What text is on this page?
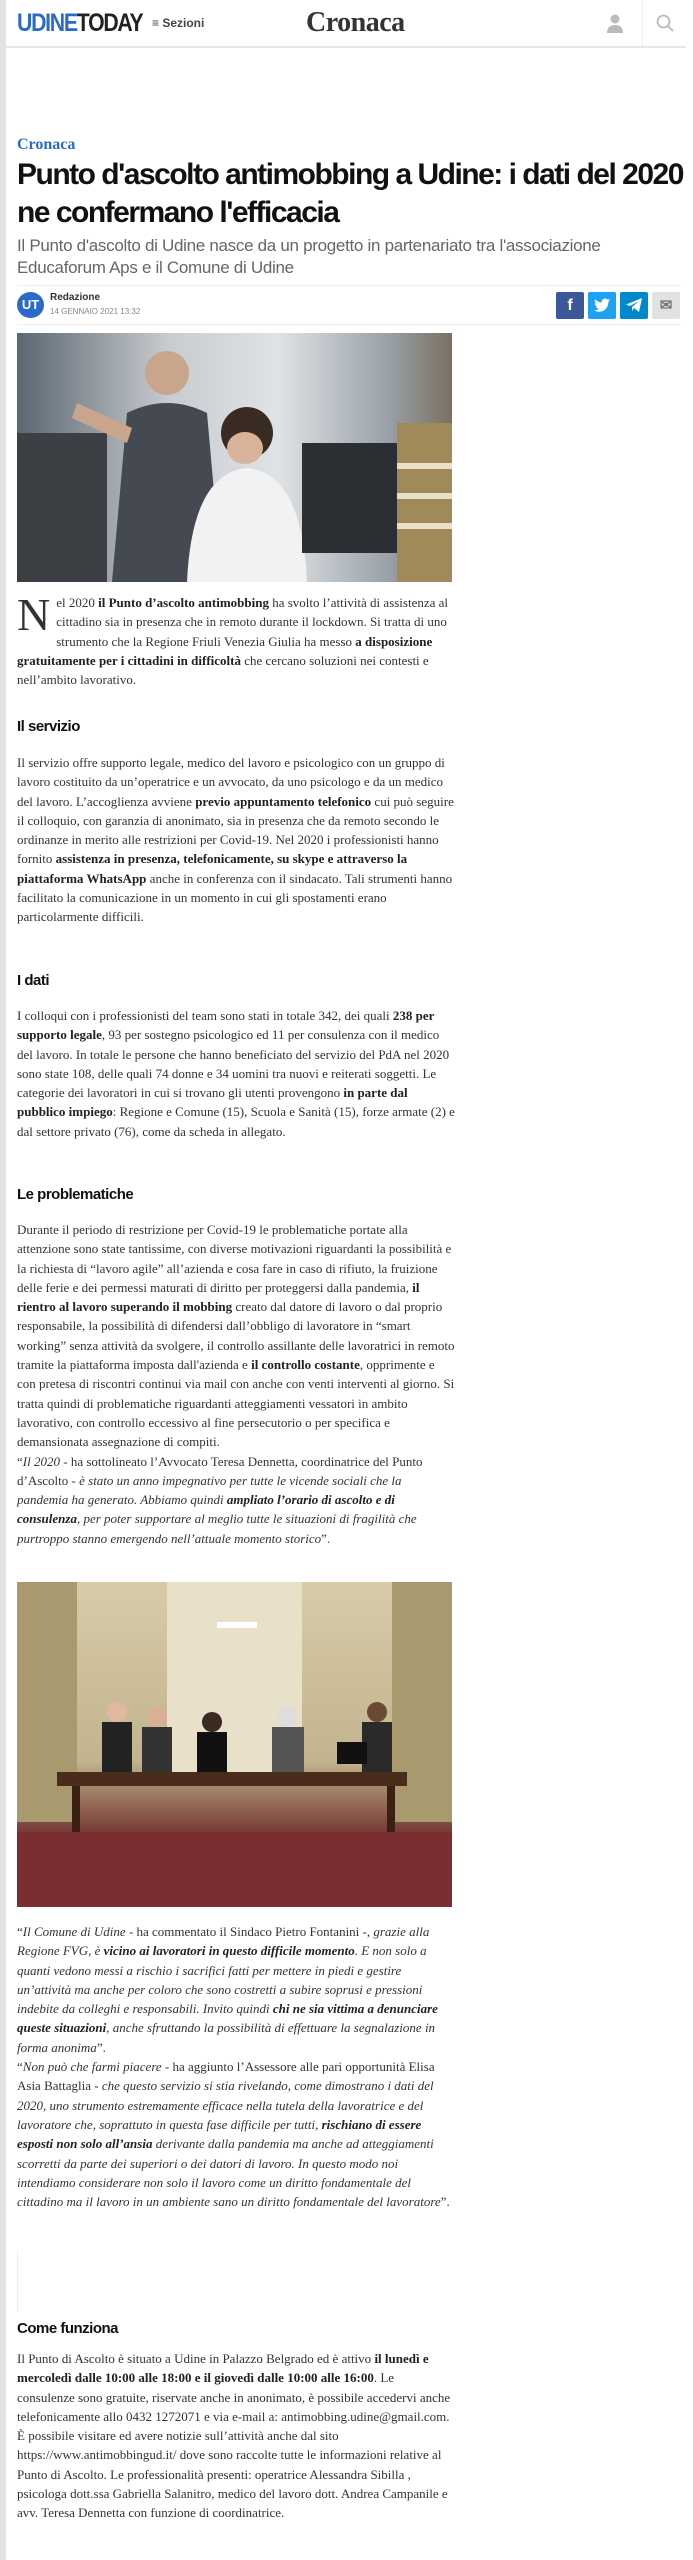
UDINETODAY ≡ Sezioni	Cronaca
Cronaca
Punto d'ascolto antimobbing a Udine: i dati del 2020 ne confermano l'efficacia
Il Punto d'ascolto di Udine nasce da un progetto in partenariato tra l'associazione Educaforum Aps e il Comune di Udine
UT	Redazione
14 GENNAIO 2021 13:32	f	✉

Nel 2020 il Punto d’ascolto antimobbing ha svolto l’attività di assistenza al cittadino sia in presenza che in remoto durante il lockdown. Si tratta di uno strumento che la Regione Friuli Venezia Giulia ha messo a disposizione gratuitamente per i cittadini in difficoltà che cercano soluzioni nei contesti e nell’ambito lavorativo.

Il servizio

Il servizio offre supporto legale, medico del lavoro e psicologico con un gruppo di lavoro costituito da un’operatrice e un avvocato, da uno psicologo e da un medico del lavoro. L’accoglienza avviene previo appuntamento telefonico cui può seguire il colloquio, con garanzia di anonimato, sia in presenza che da remoto secondo le ordinanze in merito alle restrizioni per Covid-19. Nel 2020 i professionisti hanno fornito assistenza in presenza, telefonicamente, su skype e attraverso la piattaforma WhatsApp anche in conferenza con il sindacato. Tali strumenti hanno facilitato la comunicazione in un momento in cui gli spostamenti erano particolarmente difficili.

I dati

I colloqui con i professionisti del team sono stati in totale 342, dei quali 238 per supporto legale, 93 per sostegno psicologico ed 11 per consulenza con il medico del lavoro. In totale le persone che hanno beneficiato del servizio del PdA nel 2020 sono state 108, delle quali 74 donne e 34 uomini tra nuovi e reiterati soggetti. Le categorie dei lavoratori in cui si trovano gli utenti provengono in parte dal pubblico impiego: Regione e Comune (15), Scuola e Sanità (15), forze armate (2) e dal settore privato (76), come da scheda in allegato.

Le problematiche

Durante il periodo di restrizione per Covid-19 le problematiche portate alla attenzione sono state tantissime, con diverse motivazioni riguardanti la possibilità e la richiesta di “lavoro agile” all’azienda e cosa fare in caso di rifiuto, la fruizione delle ferie e dei permessi maturati di diritto per proteggersi dalla pandemia, il rientro al lavoro superando il mobbing creato dal datore di lavoro o dal proprio responsabile, la possibilità di difendersi dall’obbligo di lavoratore in “smart working” senza attività da svolgere, il controllo assillante delle lavoratrici in remoto tramite la piattaforma imposta dall'azienda e il controllo costante, opprimente e con pretesa di riscontri continui via mail con anche con venti interventi al giorno. Si tratta quindi di problematiche riguardanti atteggiamenti vessatori in ambito lavorativo, con controllo eccessivo al fine persecutorio o per specifica e demansionata assegnazione di compiti.
“Il 2020 - ha sottolineato l’Avvocato Teresa Dennetta, coordinatrice del Punto d’Ascolto - è stato un anno impegnativo per tutte le vicende sociali che la pandemia ha generato. Abbiamo quindi ampliato l’orario di ascolto e di consulenza, per poter supportare al meglio tutte le situazioni di fragilità che purtroppo stanno emergendo nell’attuale momento storico”.

“Il Comune di Udine - ha commentato il Sindaco Pietro Fontanini -, grazie alla Regione FVG, è vicino ai lavoratori in questo difficile momento. E non solo a quanti vedono messi a rischio i sacrifici fatti per mettere in piedi e gestire un’attività ma anche per coloro che sono costretti a subire soprusi e pressioni indebite da colleghi e responsabili. Invito quindi chi ne sia vittima a denunciare queste situazioni, anche sfruttando la possibilità di effettuare la segnalazione in forma anonima”.
“Non può che farmi piacere - ha aggiunto l’Assessore alle pari opportunità Elisa Asia Battaglia - che questo servizio si stia rivelando, come dimostrano i dati del 2020, uno strumento estremamente efficace nella tutela della lavoratrice e del lavoratore che, soprattuto in questa fase difficile per tutti, rischiano di essere esposti non solo all’ansia derivante dalla pandemia ma anche ad atteggiamenti scorretti da parte dei superiori o dei datori di lavoro. In questo modo noi intendiamo considerare non solo il lavoro come un diritto fondamentale del cittadino ma il lavoro in un ambiente sano un diritto fondamentale del lavoratore”.

Come funziona

Il Punto di Ascolto è situato a Udine in Palazzo Belgrado ed è attivo il lunedì e mercoledì dalle 10:00 alle 18:00 e il giovedì dalle 10:00 alle 16:00. Le consulenze sono gratuite, riservate anche in anonimato, è possibile accedervi anche telefonicamente allo 0432 1272071 e via e-mail a: antimobbing.udine@gmail.com.
È possibile visitare ed avere notizie sull’attività anche dal sito https://www.antimobbingud.it/ dove sono raccolte tutte le informazioni relative al Punto di Ascolto. Le professionalità presenti: operatrice Alessandra Sibilla , psicologa dott.ssa Gabriella Salanitro, medico del lavoro dott. Andrea Campanile e avv. Teresa Dennetta con funzione di coordinatrice.
